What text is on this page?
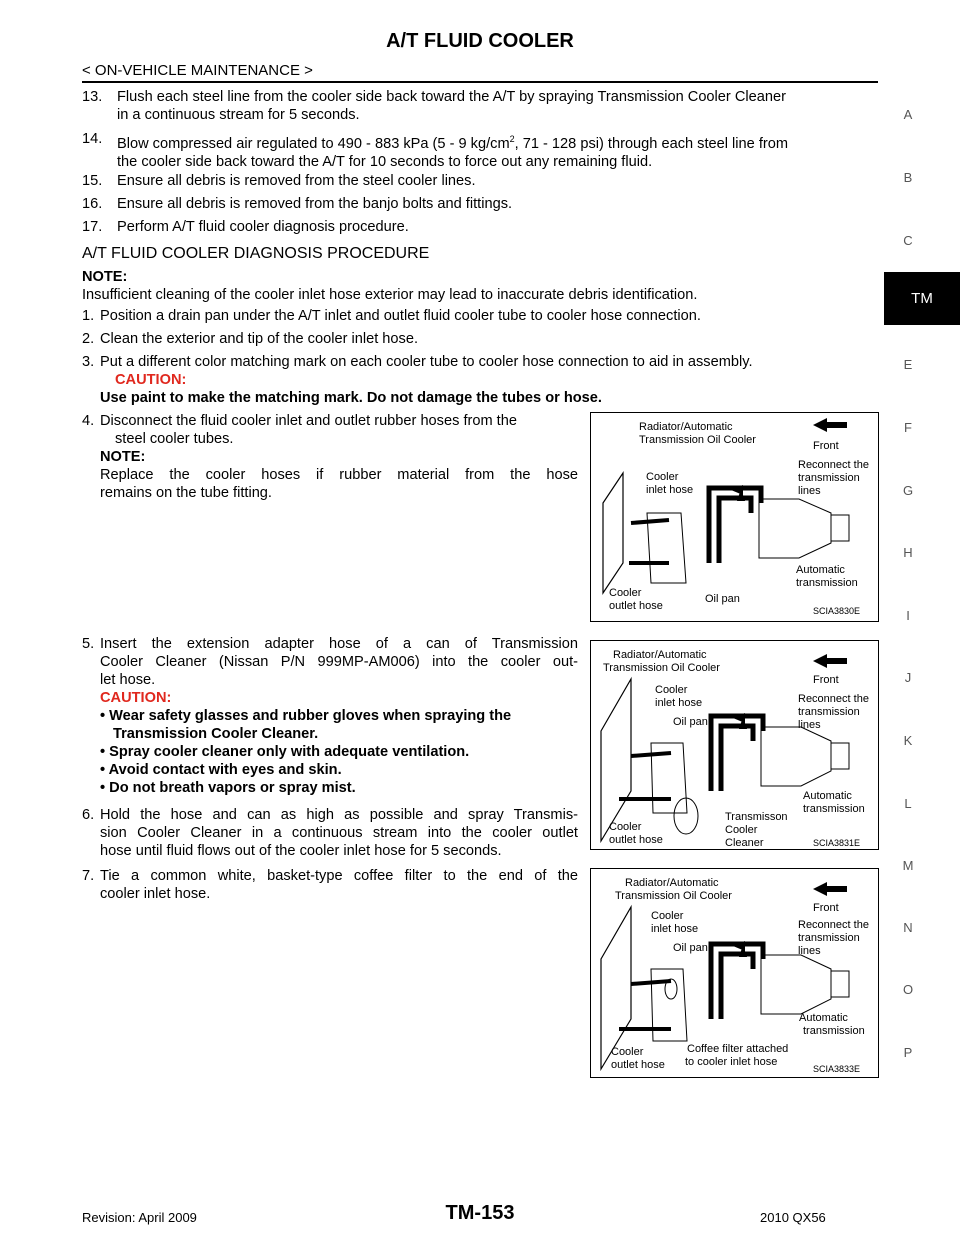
A/T FLUID COOLER
< ON-VEHICLE MAINTENANCE >
A
B
C
TM
E
F
G
H
I
J
K
L
M
N
O
P
13. Flush each steel line from the cooler side back toward the A/T by spraying Transmission Cooler Cleaner
in a continuous stream for 5 seconds.
14. Blow compressed air regulated to 490 - 883 kPa (5 - 9 $kg/cm^2$, 71 - 128 psi) through each steel line from
the cooler side back toward the A/T for 10 seconds to force out any remaining fluid.
15.	Ensure all debris is removed from the steel cooler lines.
16.	Ensure all debris is removed from the banjo bolts and fittings.
17.	Perform A/T fluid cooler diagnosis procedure.
A/T FLUID COOLER DIAGNOSIS PROCEDURE
NOTE:
Insufficient cleaning of the cooler inlet hose exterior may lead to inaccurate debris identification.
1. Position a drain pan under the A/T inlet and outlet fluid cooler tube to cooler hose connection.
2. Clean the exterior and tip of the cooler inlet hose.
3. Put a different color matching mark on each cooler tube to cooler hose connection to aid in assembly.
CAUTION:
Use paint to make the matching mark. Do not damage the tubes or hose.
4. Disconnect the fluid cooler inlet and outlet rubber hoses from the
steel cooler tubes.
NOTE:
Replace the cooler hoses if rubber material from the hose
remains on the tube fitting.
5. Insert the extension adapter hose of a can of Transmission
Cooler Cleaner (Nissan P/N 999MP-AM006) into the cooler out-
let hose.
CAUTION:
• Wear safety glasses and rubber gloves when spraying the
Transmission Cooler Cleaner.
• Spray cooler cleaner only with adequate ventilation.
• Avoid contact with eyes and skin.
• Do not breath vapors or spray mist.
6. Hold the hose and can as high as possible and spray Transmis-
sion Cooler Cleaner in a continuous stream into the cooler outlet
hose until fluid flows out of the cooler inlet hose for 5 seconds.
7. Tie a common white, basket-type coffee filter to the end of the
cooler inlet hose.
Radiator/Automatic
Transmission Oil Cooler	Front
Cooler
inlet hose
Reconnect the
transmission
lines
Automatic
transmission
Cooler
outlet hose
Oil pan
SCIA3830E
Radiator/Automatic
Transmission Oil Cooler
Front
Cooler
inlet hose
Oil pan
Reconnect the
transmission
lines
Automatic
transmission
Cooler
outlet hose
Transmisson
Cooler
Cleaner	SCIA3831E
Radiator/Automatic
Transmission Oil Cooler
Front
Cooler
inlet hose
Oil pan
Reconnect the
transmission
lines
Automatic
transmission
Cooler
outlet hose
Coffee filter attached
to cooler inlet hose
SCIA3833E
Revision: April 2009	TM-153	2010 QX56
